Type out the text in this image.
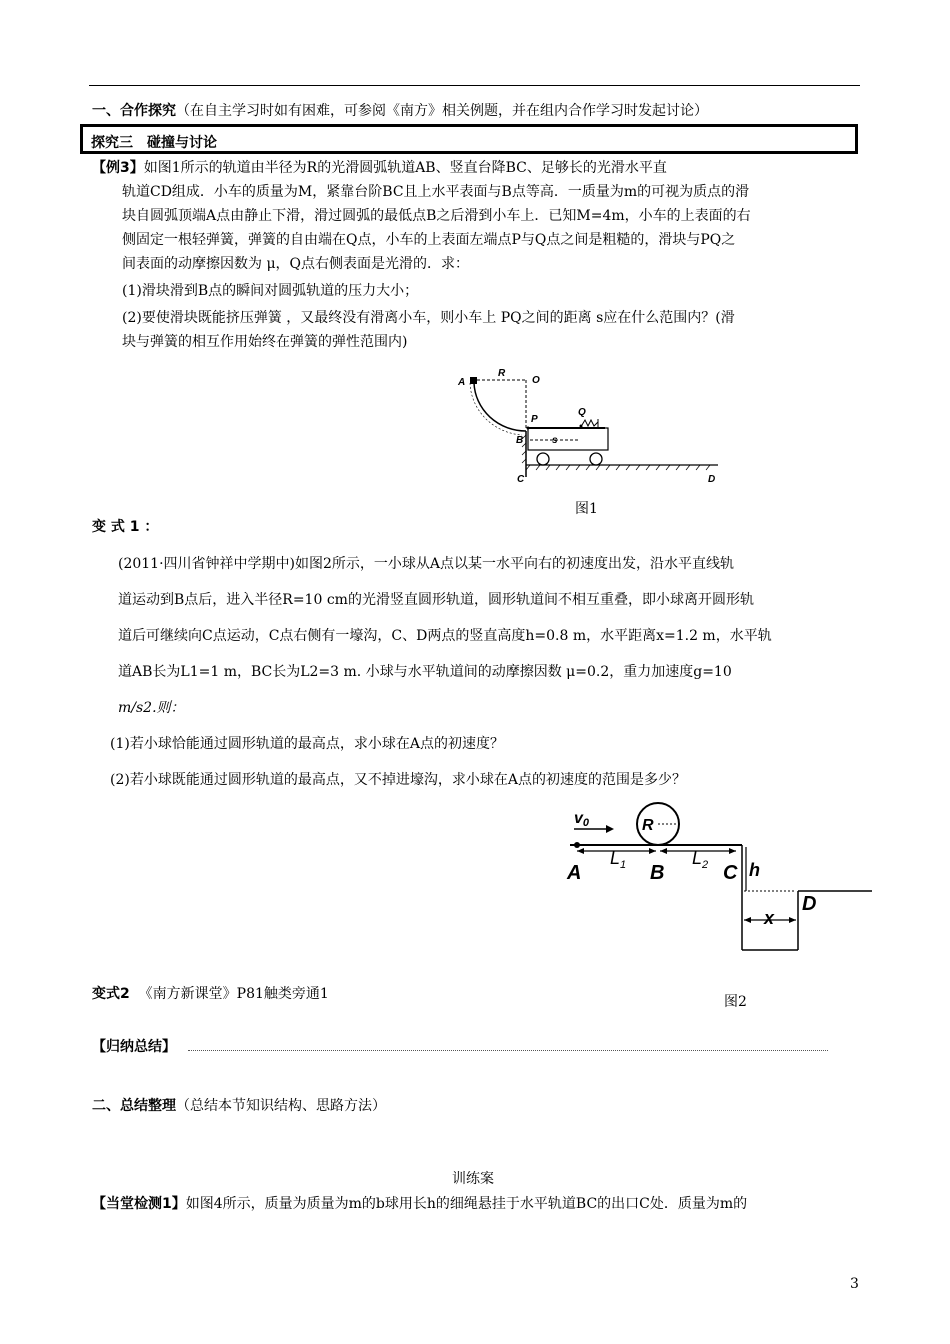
一、合作探究（在自主学习时如有困难，可参阅《南方》相关例题，并在组内合作学习时发起讨论）
探究三　碰撞与讨论
【例3】如图1所示的轨道由半径为R的光滑圆弧轨道AB、竖直台降BC、足够长的光滑水平直
轨道CD组成．小车的质量为M，紧靠台阶BC且上水平表面与B点等高．一质量为m的可视为质点的滑
块自圆弧顶端A点由静止下滑，滑过圆弧的最低点B之后滑到小车上．已知M=4m，小车的上表面的右
侧固定一根轻弹簧，弹簧的自由端在Q点，小车的上表面左端点P与Q点之间是粗糙的，滑块与PQ之
间表面的动摩擦因数为 μ，Q点右侧表面是光滑的．求：
(1)滑块滑到B点的瞬间对圆弧轨道的压力大小；
(2)要使滑块既能挤压弹簧 ，又最终没有滑离小车，则小车上 PQ之间的距离 s应在什么范围内？(滑
块与弹簧的相互作用始终在弹簧的弹性范围内)
A
R
O
P
B
Q
s
C	D
图1
变 式 1 ：
(2011·四川省钟祥中学期中)如图2所示，一小球从A点以某一水平向右的初速度出发，沿水平直线轨
道运动到B点后，进入半径R=10 cm的光滑竖直圆形轨道，圆形轨道间不相互重叠，即小球离开圆形轨
道后可继续向C点运动，C点右侧有一壕沟，C、D两点的竖直高度h=0.8 m，水平距离x=1.2 m，水平轨
道AB长为L1=1 m，BC长为L2=3 m. 小球与水平轨道间的动摩擦因数 μ=0.2，重力加速度g=10
m/s2.则：
(1)若小球恰能通过圆形轨道的最高点，求小球在A点的初速度？
(2)若小球既能通过圆形轨道的最高点，又不掉进壕沟，求小球在A点的初速度的范围是多少？
v0	R
$L_1$	$L_2$
A	B	C h
x
D
变式2 《南方新课堂》P81触类旁通1	图2
【归纳总结】
二、总结整理（总结本节知识结构、思路方法）
训练案
【当堂检测1】如图4所示，质量为质量为m的b球用长h的细绳悬挂于水平轨道BC的出口C处．质量为m的
3
